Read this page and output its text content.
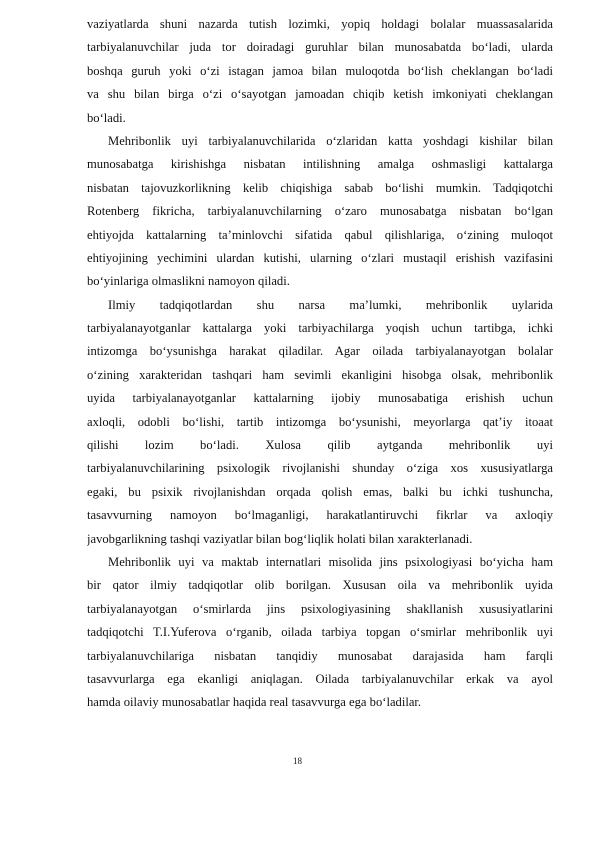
vaziyatlarda shuni nazarda tutish lozimki, yopiq holdagi bolalar muassasalarida
tarbiyalanuvchilar juda tor doiradagi guruhlar bilan munosabatda bo‘ladi, ularda
boshqa guruh yoki o‘zi istagan jamoa bilan muloqotda bo‘lish cheklangan bo‘ladi
va shu bilan birga o‘zi o‘sayotgan jamoadan chiqib ketish imkoniyati cheklangan
bo‘ladi.
Mehribonlik uyi tarbiyalanuvchilarida o‘zlaridan katta yoshdagi kishilar bilan
munosabatga kirishishga nisbatan intilishning amalga oshmasligi kattalarga
nisbatan tajovuzkorlikning kelib chiqishiga sabab bo‘lishi mumkin. Tadqiqotchi
Rotenberg fikricha, tarbiyalanuvchilarning o‘zaro munosabatga nisbatan bo‘lgan
ehtiyojda kattalarning ta’minlovchi sifatida qabul qilishlariga, o‘zining muloqot
ehtiyojining yechimini ulardan kutishi, ularning o‘zlari mustaqil erishish vazifasini
bo‘yinlariga olmaslikni namoyon qiladi.
Ilmiy tadqiqotlardan shu narsa ma’lumki, mehribonlik uylarida
tarbiyalanayotganlar kattalarga yoki tarbiyachilarga yoqish uchun tartibga, ichki
intizomga bo‘ysunishga harakat qiladilar. Agar oilada tarbiyalanayotgan bolalar
o‘zining xarakteridan tashqari ham sevimli ekanligini hisobga olsak, mehribonlik
uyida tarbiyalanayotganlar kattalarning ijobiy munosabatiga erishish uchun
axloqli, odobli bo‘lishi, tartib intizomga bo‘ysunishi, meyorlarga qat’iy itoaat
qilishi lozim bo‘ladi. Xulosa qilib aytganda mehribonlik uyi
tarbiyalanuvchilarining psixologik rivojlanishi shunday o‘ziga xos xususiyatlarga
egaki, bu psixik rivojlanishdan orqada qolish emas, balki bu ichki tushuncha,
tasavvurning namoyon bo‘lmaganligi, harakatlantiruvchi fikrlar va axloqiy
javobgarlikning tashqi vaziyatlar bilan bog‘liqlik holati bilan xarakterlanadi.
Mehribonlik uyi va maktab internatlari misolida jins psixologiyasi bo‘yicha ham
bir qator ilmiy tadqiqotlar olib borilgan. Xususan oila va mehribonlik uyida
tarbiyalanayotgan o‘smirlarda jins psixologiyasining shakllanish xususiyatlarini
tadqiqotchi T.I.Yuferova o‘rganib, oilada tarbiya topgan o‘smirlar mehribonlik uyi
tarbiyalanuvchilariga nisbatan tanqidiy munosabat darajasida ham farqli
tasavvurlarga ega ekanligi aniqlagan. Oilada tarbiyalanuvchilar erkak va ayol
hamda oilaviy munosabatlar haqida real tasavvurga ega bo‘ladilar.
18
